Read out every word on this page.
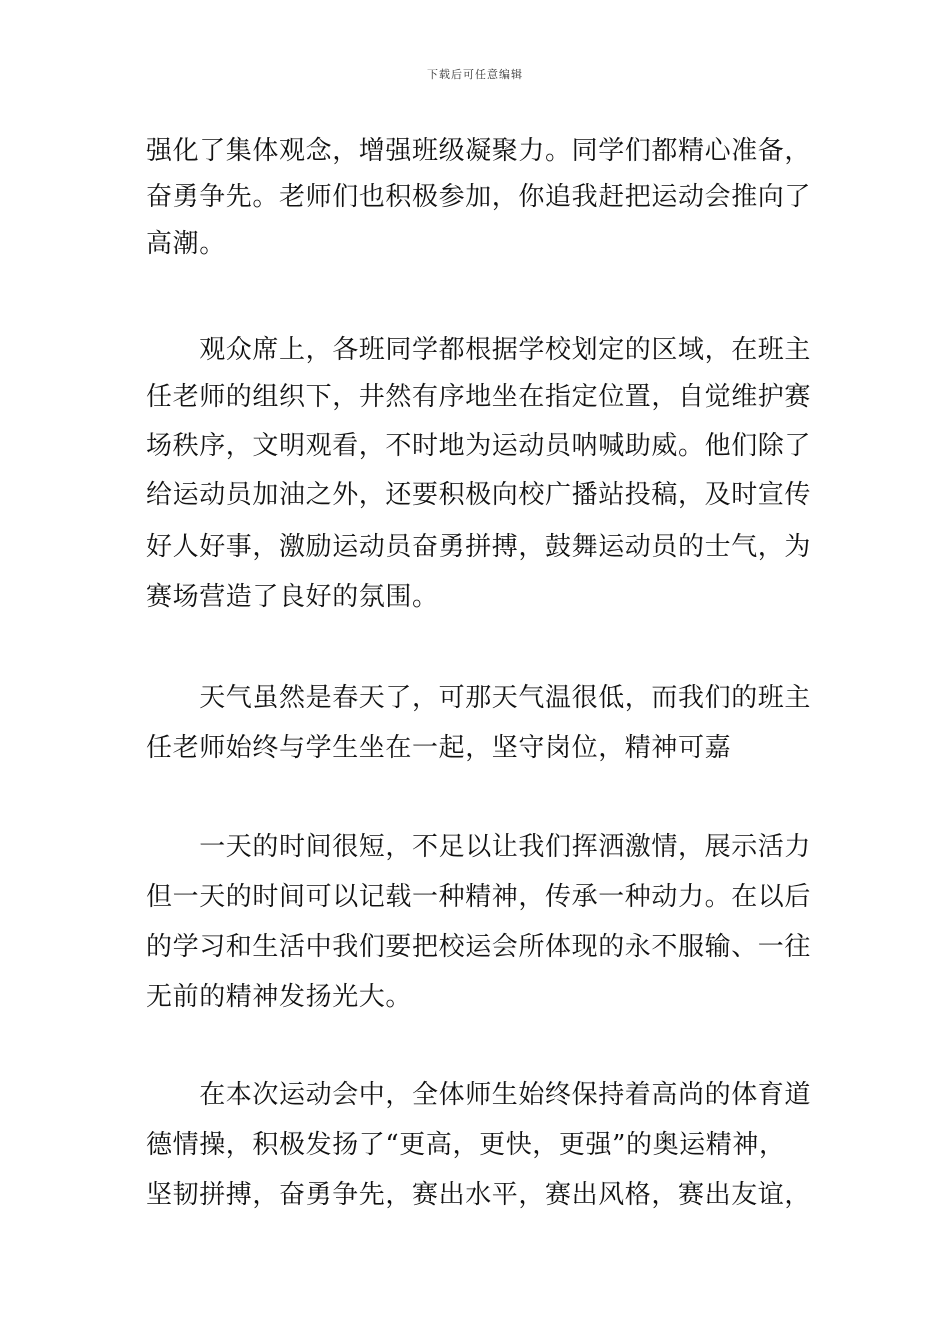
下载后可任意编辑
强化了集体观念，增强班级凝聚力。同学们都精心准备，
奋勇争先。老师们也积极参加，你追我赶把运动会推向了
高潮。
　　观众席上，各班同学都根据学校划定的区域，在班主
任老师的组织下，井然有序地坐在指定位置，自觉维护赛
场秩序，文明观看，不时地为运动员呐喊助威。他们除了
给运动员加油之外，还要积极向校广播站投稿，及时宣传
好人好事，激励运动员奋勇拼搏，鼓舞运动员的士气，为
赛场营造了良好的氛围。
　　天气虽然是春天了，可那天气温很低，而我们的班主
任老师始终与学生坐在一起，坚守岗位，精神可嘉
　　一天的时间很短，不足以让我们挥洒激情，展示活力
但一天的时间可以记载一种精神，传承一种动力。在以后
的学习和生活中我们要把校运会所体现的永不服输、一往
无前的精神发扬光大。
　　在本次运动会中，全体师生始终保持着高尚的体育道
德情操，积极发扬了“更高，更快，更强”的奥运精神，
坚韧拼搏，奋勇争先，赛出水平，赛出风格，赛出友谊，
